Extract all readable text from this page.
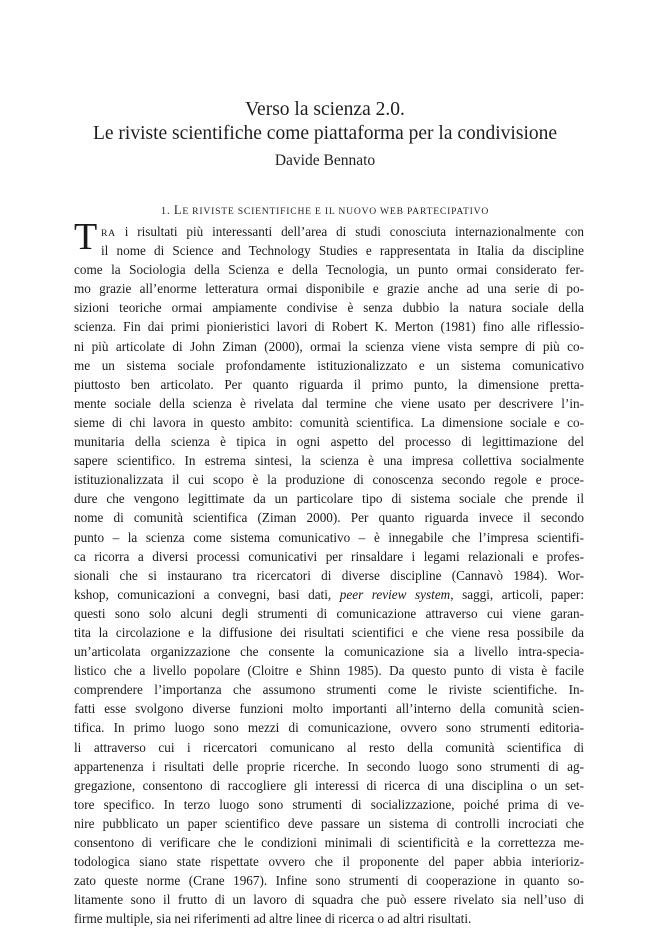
Verso la scienza 2.0.
Le riviste scientifiche come piattaforma per la condivisione
Davide Bennato
1. LE RIVISTE SCIENTIFICHE E IL NUOVO WEB PARTECIPATIVO
T RA i risultati più interessanti dell’area di studi conosciuta internazionalmente con
il nome di Science and Technology Studies e rappresentata in Italia da discipline
come la Sociologia della Scienza e della Tecnologia, un punto ormai considerato fer-
mo grazie all’enorme letteratura ormai disponibile e grazie anche ad una serie di po-
sizioni teoriche ormai ampiamente condivise è senza dubbio la natura sociale della
scienza. Fin dai primi pionieristici lavori di Robert K. Merton (1981) fino alle riflessio-
ni più articolate di John Ziman (2000), ormai la scienza viene vista sempre di più co-
me un sistema sociale profondamente istituzionalizzato e un sistema comunicativo
piuttosto ben articolato. Per quanto riguarda il primo punto, la dimensione pretta-
mente sociale della scienza è rivelata dal termine che viene usato per descrivere l’in-
sieme di chi lavora in questo ambito: comunità scientifica. La dimensione sociale e co-
munitaria della scienza è tipica in ogni aspetto del processo di legittimazione del
sapere scientifico. In estrema sintesi, la scienza è una impresa collettiva socialmente
istituzionalizzata il cui scopo è la produzione di conoscenza secondo regole e proce-
dure che vengono legittimate da un particolare tipo di sistema sociale che prende il
nome di comunità scientifica (Ziman 2000). Per quanto riguarda invece il secondo
punto – la scienza come sistema comunicativo – è innegabile che l’impresa scientifi-
ca ricorra a diversi processi comunicativi per rinsaldare i legami relazionali e profes-
sionali che si instaurano tra ricercatori di diverse discipline (Cannavò 1984). Wor-
kshop, comunicazioni a convegni, basi dati, peer review system, saggi, articoli, paper:
questi sono solo alcuni degli strumenti di comunicazione attraverso cui viene garan-
tita la circolazione e la diffusione dei risultati scientifici e che viene resa possibile da
un’articolata organizzazione che consente la comunicazione sia a livello intra-specia-
listico che a livello popolare (Cloitre e Shinn 1985). Da questo punto di vista è facile
comprendere l’importanza che assumono strumenti come le riviste scientifiche. In-
fatti esse svolgono diverse funzioni molto importanti all’interno della comunità scien-
tifica. In primo luogo sono mezzi di comunicazione, ovvero sono strumenti editoria-
li attraverso cui i ricercatori comunicano al resto della comunità scientifica di
appartenenza i risultati delle proprie ricerche. In secondo luogo sono strumenti di ag-
gregazione, consentono di raccogliere gli interessi di ricerca di una disciplina o un set-
tore specifico. In terzo luogo sono strumenti di socializzazione, poiché prima di ve-
nire pubblicato un paper scientifico deve passare un sistema di controlli incrociati che
consentono di verificare che le condizioni minimali di scientificità e la correttezza me-
todologica siano state rispettate ovvero che il proponente del paper abbia interioriz-
zato queste norme (Crane 1967). Infine sono strumenti di cooperazione in quanto so-
litamente sono il frutto di un lavoro di squadra che può essere rivelato sia nell’uso di
firme multiple, sia nei riferimenti ad altre linee di ricerca o ad altri risultati.
